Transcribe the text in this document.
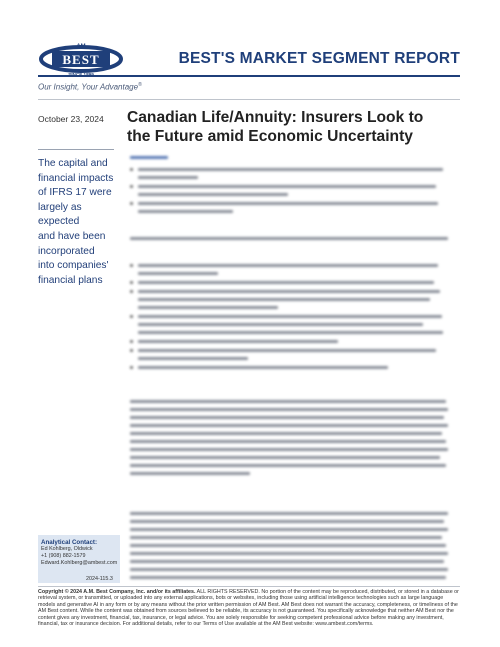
AM
BEST	BEST'S MARKET SEGMENT REPORT
Our Insight, Your Advantage®
October 23, 2024
The capital and
financial impacts
of IFRS 17 were
largely as expected
and have been
incorporated
into companies'
financial plans
Analytical Contact:
Ed Kohlberg, Oldwick
+1 (908) 882-1579
Edward.Kohlberg@ambest.com
2024-115.3
Canadian Life/Annuity: Insurers Look to
the Future amid Economic Uncertainty
Copyright © 2024 A.M. Best Company, Inc. and/or its affiliates. ALL RIGHTS RESERVED. No portion of the content may be reproduced, distributed, or stored in a database or retrieval system, or transmitted, or uploaded into any external applications, bots or websites, including those using artificial intelligence technologies such as large language models and generative AI in any form or by any means without the prior written permission of AM Best. AM Best does not warrant the accuracy, completeness, or timeliness of the AM Best content. While the content was obtained from sources believed to be reliable, its accuracy is not guaranteed. You specifically acknowledge that neither AM Best nor the content gives any investment, financial, tax, insurance, or legal advice. You are solely responsible for seeking competent professional advice before making any investment, financial, tax or insurance decision. For additional details, refer to our Terms of Use available at the AM Best website: www.ambest.com/terms.
